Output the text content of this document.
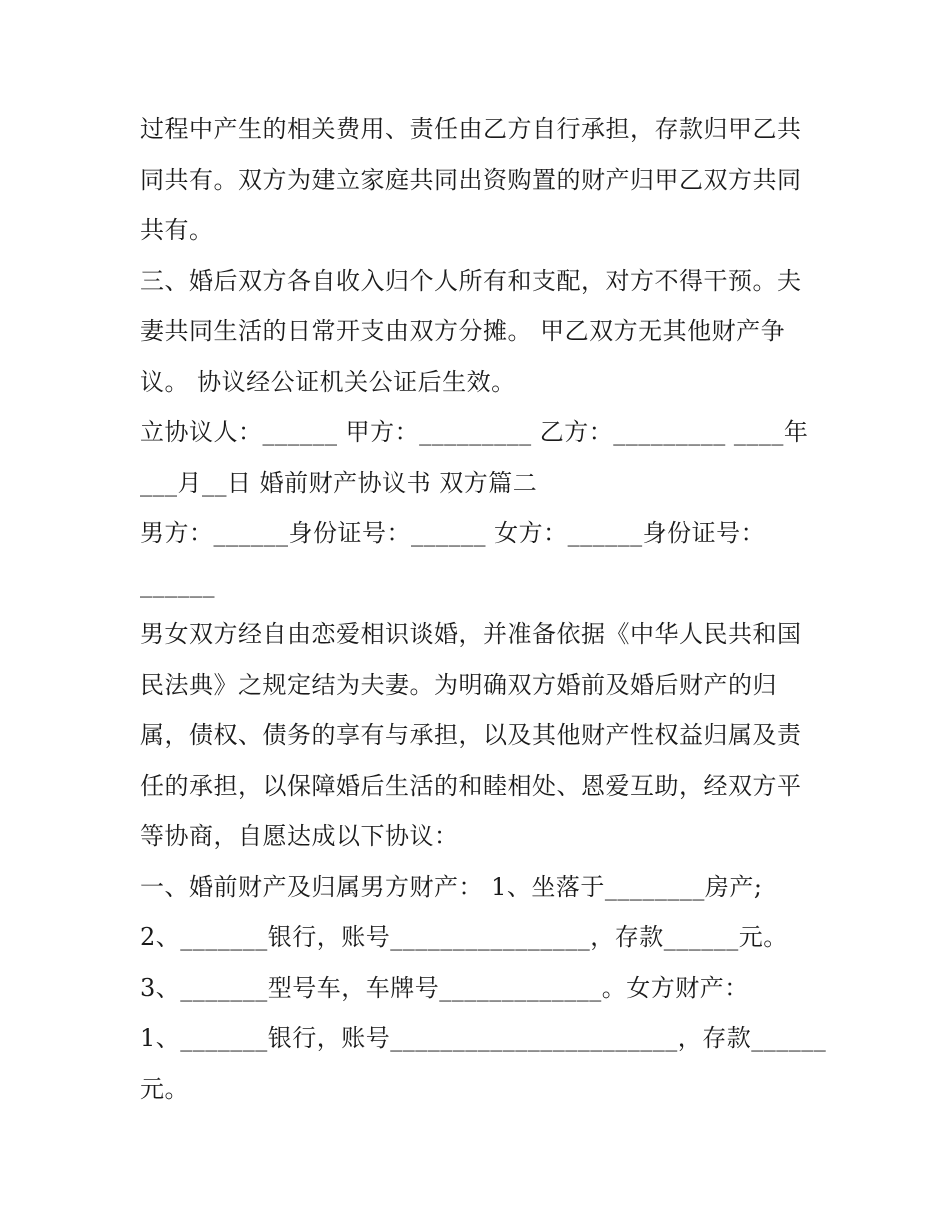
过程中产生的相关费用、责任由乙方自行承担，存款归甲乙共
同共有。双方为建立家庭共同出资购置的财产归甲乙双方共同
共有。
三、婚后双方各自收入归个人所有和支配，对方不得干预。夫
妻共同生活的日常开支由双方分摊。 甲乙双方无其他财产争
议。 协议经公证机关公证后生效。
立协议人：______ 甲方：_________ 乙方：_________ ____年
___月__日 婚前财产协议书 双方篇二
男方：______身份证号：______ 女方：______身份证号：
______
男女双方经自由恋爱相识谈婚，并准备依据《中华人民共和国
民法典》之规定结为夫妻。为明确双方婚前及婚后财产的归
属，债权、债务的享有与承担，以及其他财产性权益归属及责
任的承担，以保障婚后生活的和睦相处、恩爱互助，经双方平
等协商，自愿达成以下协议：
一、婚前财产及归属男方财产： 1、坐落于________房产;
2、_______银行，账号________________，存款______元。
3、_______型号车，车牌号_____________。女方财产：
1、_______银行，账号_______________________，存款______
元。
